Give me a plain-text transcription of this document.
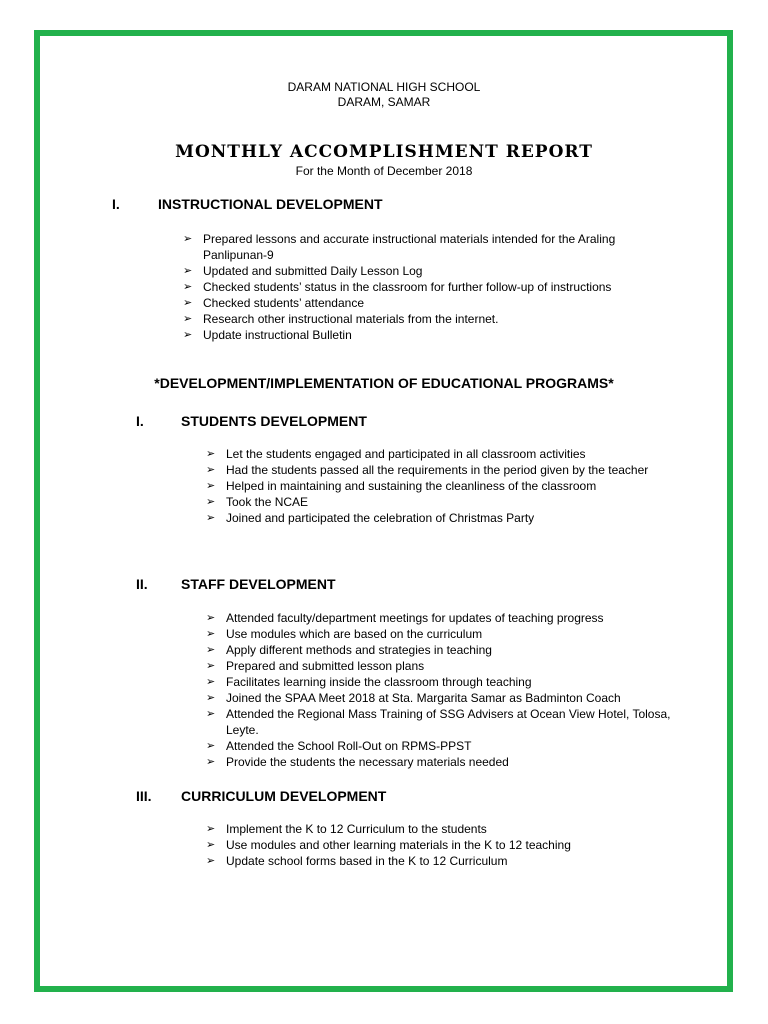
DARAM NATIONAL HIGH SCHOOL
DARAM, SAMAR
MONTHLY ACCOMPLISHMENT REPORT
For the Month of December 2018
I.	INSTRUCTIONAL DEVELOPMENT
➢ Prepared lessons and accurate instructional materials intended for the Araling Panlipunan-9
➢ Updated and submitted Daily Lesson Log
➢ Checked students’ status in the classroom for further follow-up of instructions
➢ Checked students’ attendance
➢ Research other instructional materials from the internet.
➢ Update instructional Bulletin
*DEVELOPMENT/IMPLEMENTATION OF EDUCATIONAL PROGRAMS*
I.	STUDENTS DEVELOPMENT
➢ Let the students engaged and participated in all classroom activities
➢ Had the students passed all the requirements in the period given by the teacher
➢ Helped in maintaining and sustaining the cleanliness of the classroom
➢ Took the NCAE
➢ Joined and participated the celebration of Christmas Party
II. STAFF DEVELOPMENT
➢ Attended faculty/department meetings for updates of teaching progress
➢ Use modules which are based on the curriculum
➢ Apply different methods and strategies in teaching
➢ Prepared and submitted lesson plans
➢ Facilitates learning inside the classroom through teaching
➢ Joined the SPAA Meet 2018 at Sta. Margarita Samar as Badminton Coach
➢ Attended the Regional Mass Training of SSG Advisers at Ocean View Hotel, Tolosa, Leyte.
➢ Attended the School Roll-Out on RPMS-PPST
➢ Provide the students the necessary materials needed
III. CURRICULUM DEVELOPMENT
➢ Implement the K to 12 Curriculum to the students
➢ Use modules and other learning materials in the K to 12 teaching
➢ Update school forms based in the K to 12 Curriculum
